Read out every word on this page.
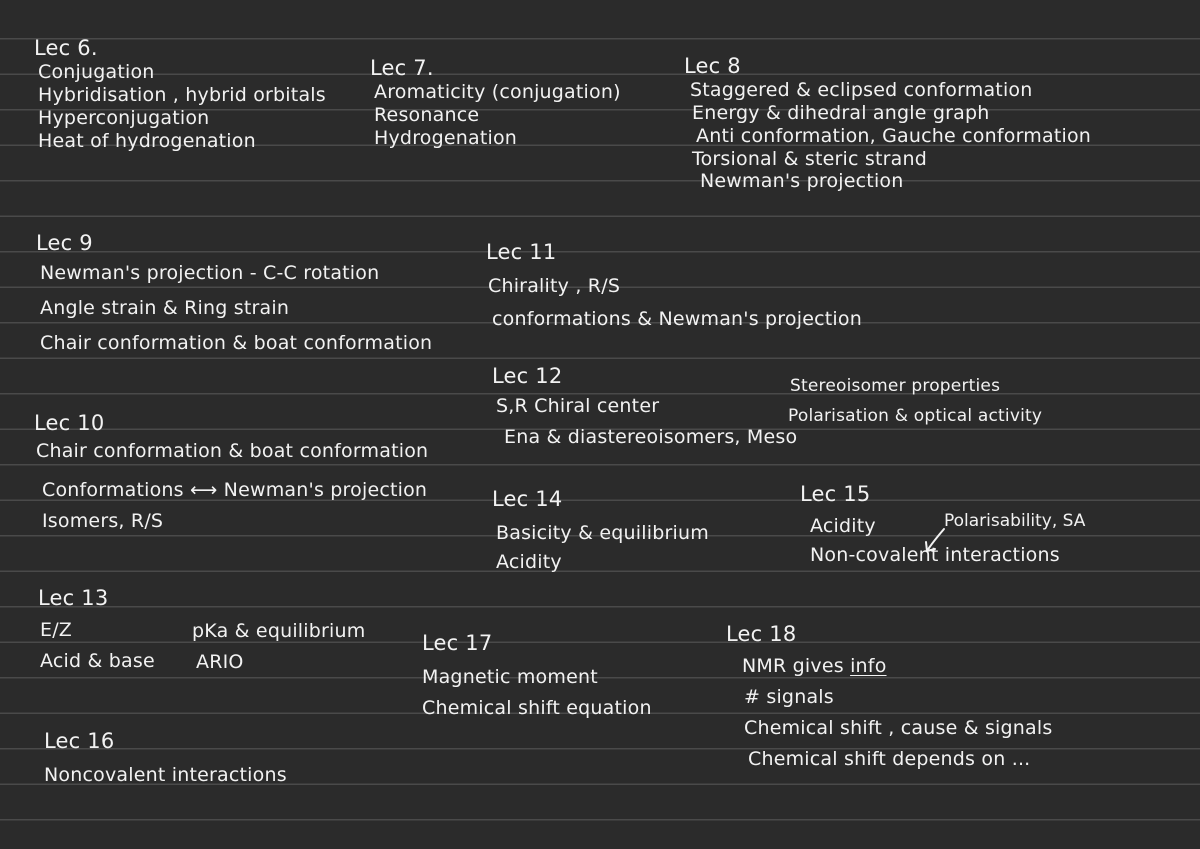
Lec 6.
Conjugation
Hybridisation , hybrid orbitals
Hyperconjugation
Heat of hydrogenation
Lec 7.
Aromaticity (conjugation)
Resonance
Hydrogenation
Lec 8
Staggered & eclipsed conformation
Energy & dihedral angle graph
Anti conformation, Gauche conformation
Torsional & steric strand
Newman's projection
Lec 9
Newman's projection - C-C rotation
Angle strain & Ring strain
Chair conformation & boat conformation
Lec 11
Chirality , R/S
conformations & Newman's projection
Lec 12
S,R Chiral center
Ena & diastereoisomers, Meso
Stereoisomer properties
Polarisation & optical activity
Lec 10
Chair conformation & boat conformation
Conformations ⟷ Newman's projection
Isomers, R/S
Lec 14
Basicity & equilibrium
Acidity
Lec 15
Acidity
Non-covalent interactions
Polarisability, SA
Lec 13
E/Z
Acid & base
pKa & equilibrium
ARIO
Lec 17
Magnetic moment
Chemical shift equation
Lec 18
NMR gives info
# signals
Chemical shift , cause & signals
Chemical shift depends on ...
Lec 16
Noncovalent interactions
